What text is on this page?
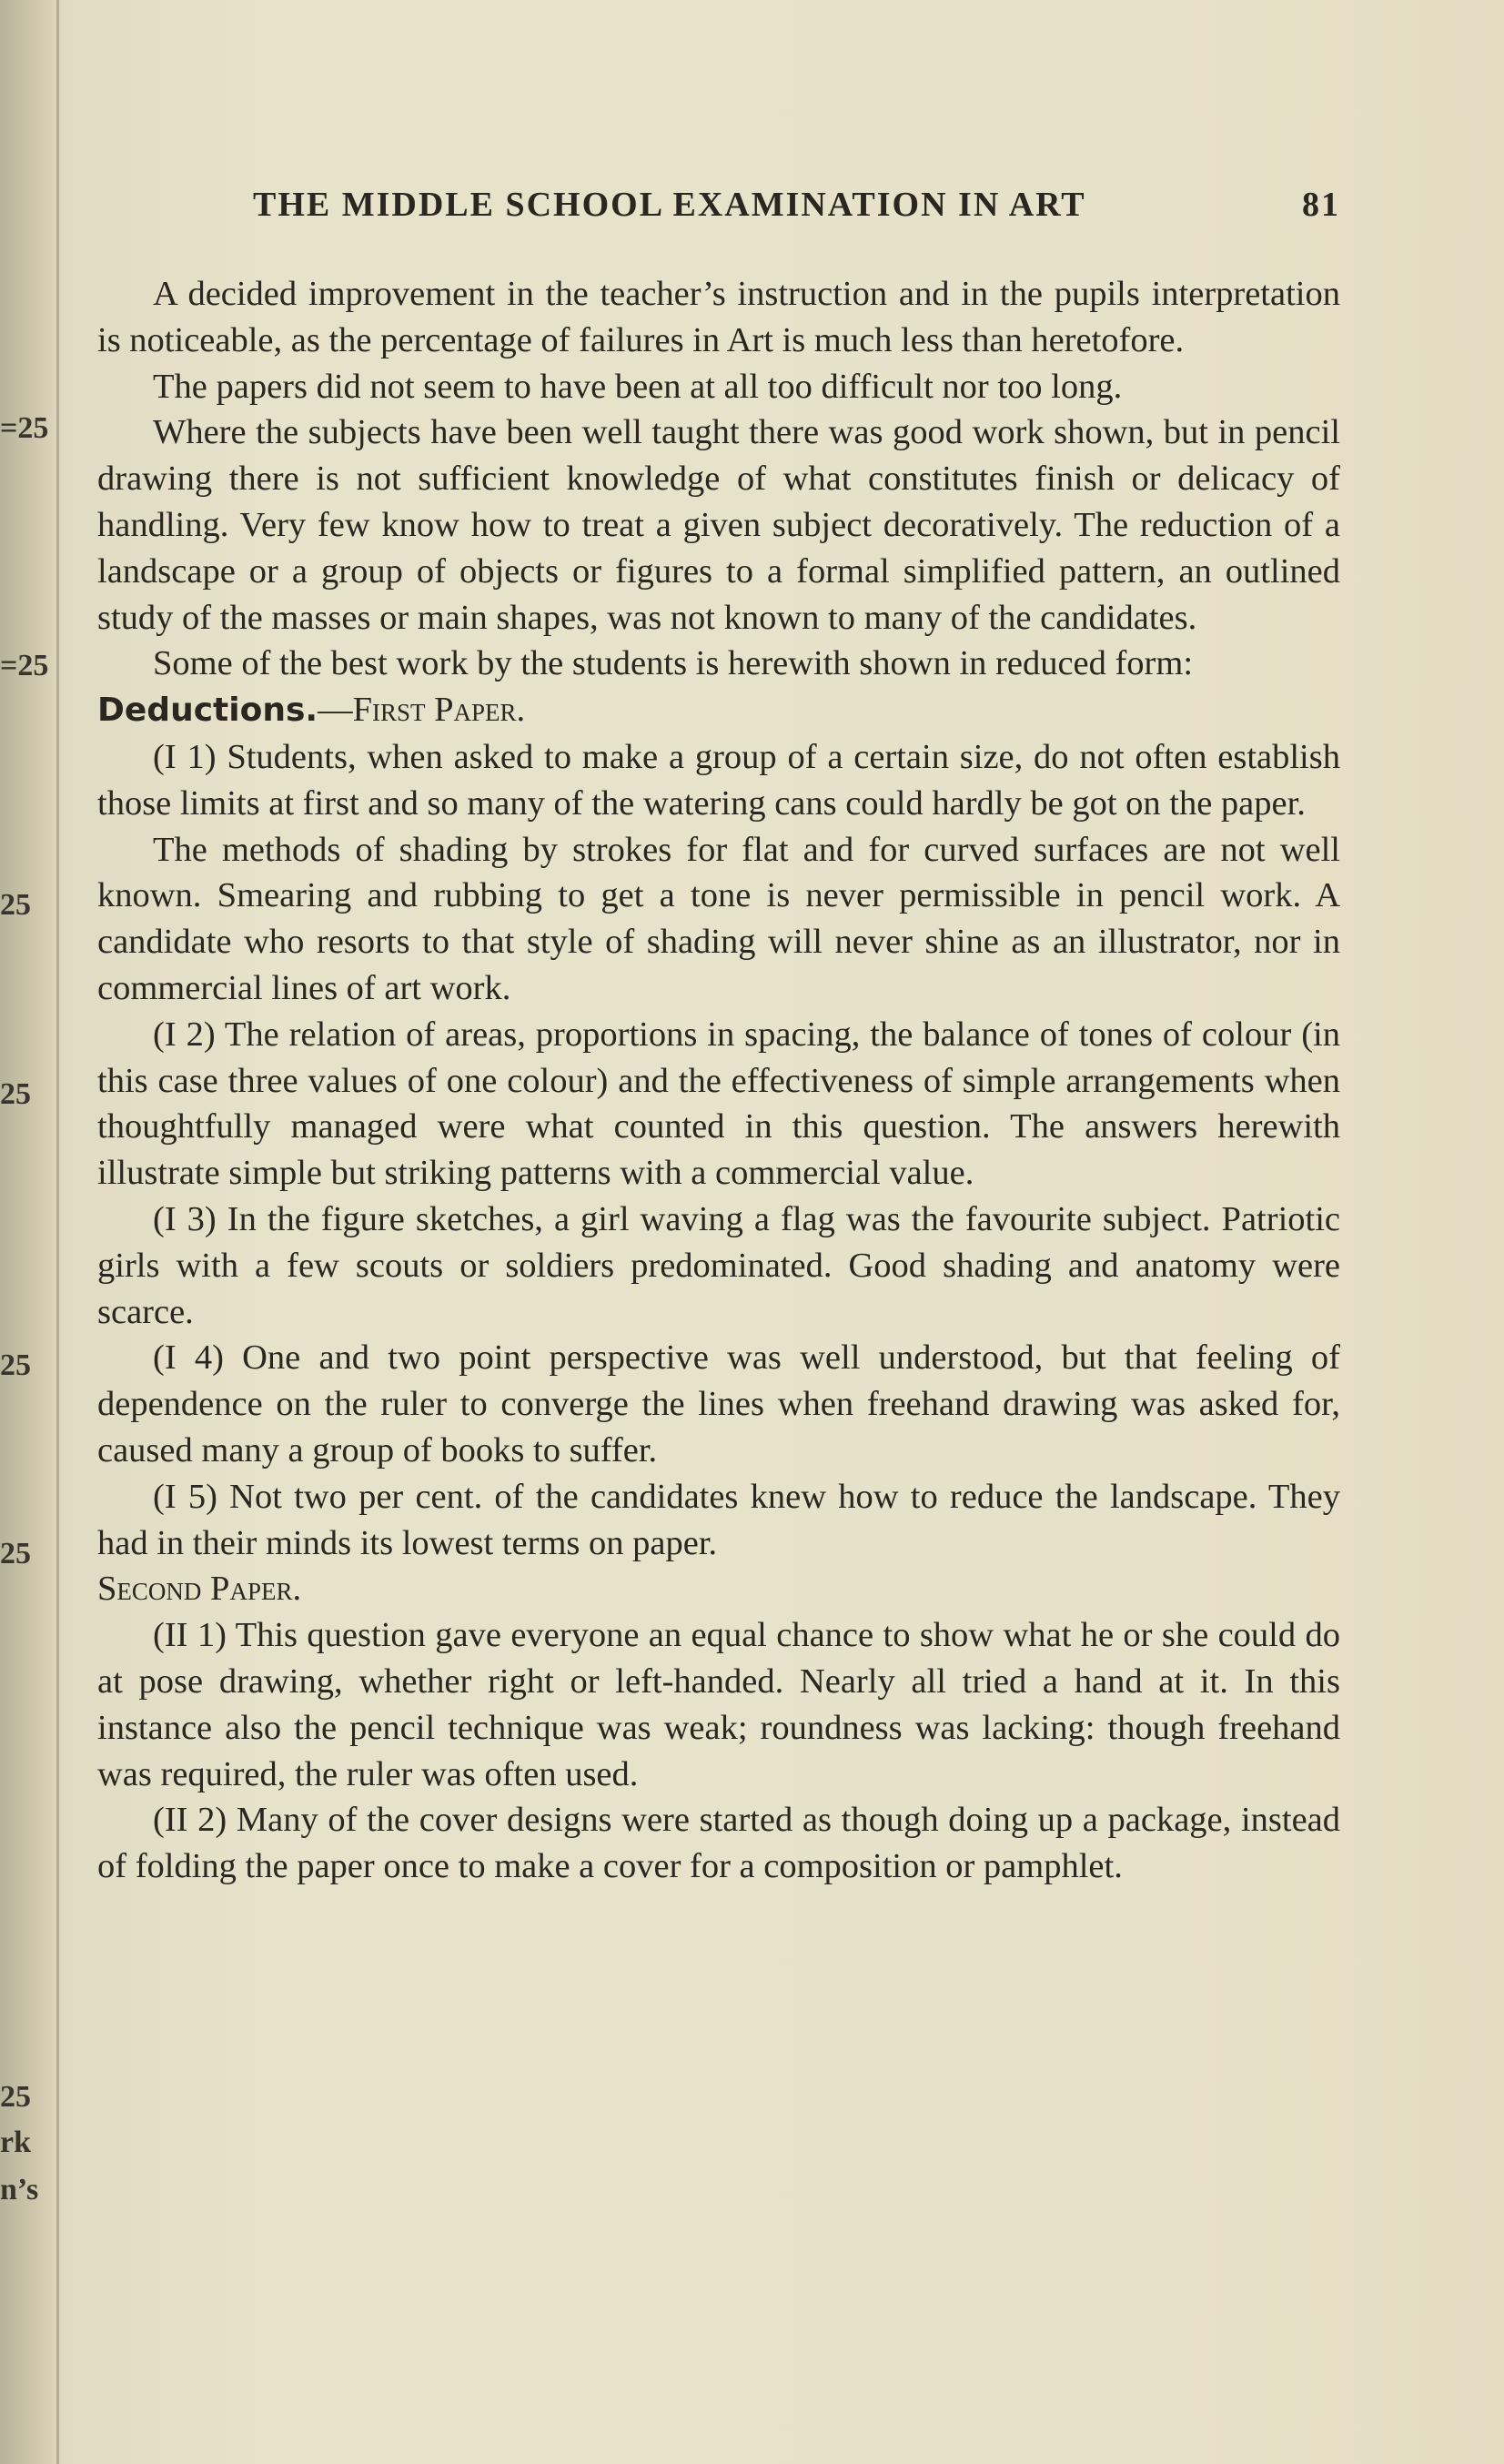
=25
=25
25
25
25
25
25
rk
n’s
THE MIDDLE SCHOOL EXAMINATION IN ART	81

A decided improvement in the teacher’s instruction and in the pupils interpretation is noticeable, as the percentage of failures in Art is much less than heretofore.

The papers did not seem to have been at all too difficult nor too long.

Where the subjects have been well taught there was good work shown, but in pencil drawing there is not sufficient knowledge of what constitutes finish or delicacy of handling. Very few know how to treat a given subject decoratively. The reduction of a landscape or a group of objects or figures to a formal simplified pattern, an outlined study of the masses or main shapes, was not known to many of the candidates.

Some of the best work by the students is herewith shown in reduced form:

Deductions.—First Paper.

(I 1) Students, when asked to make a group of a certain size, do not often establish those limits at first and so many of the watering cans could hardly be got on the paper.

The methods of shading by strokes for flat and for curved surfaces are not well known. Smearing and rubbing to get a tone is never permissible in pencil work. A candidate who resorts to that style of shading will never shine as an illustrator, nor in commercial lines of art work.

(I 2) The relation of areas, proportions in spacing, the balance of tones of colour (in this case three values of one colour) and the effectiveness of simple arrangements when thoughtfully managed were what counted in this question. The answers herewith illustrate simple but striking patterns with a commercial value.

(I 3) In the figure sketches, a girl waving a flag was the favourite subject. Patriotic girls with a few scouts or soldiers predominated. Good shading and anatomy were scarce.

(I 4) One and two point perspective was well understood, but that feeling of dependence on the ruler to converge the lines when freehand drawing was asked for, caused many a group of books to suffer.

(I 5) Not two per cent. of the candidates knew how to reduce the landscape. They had in their minds its lowest terms on paper.

Second Paper.

(II 1) This question gave everyone an equal chance to show what he or she could do at pose drawing, whether right or left-handed. Nearly all tried a hand at it. In this instance also the pencil technique was weak; roundness was lacking: though freehand was required, the ruler was often used.

(II 2) Many of the cover designs were started as though doing up a package, instead of folding the paper once to make a cover for a composition or pamphlet.
